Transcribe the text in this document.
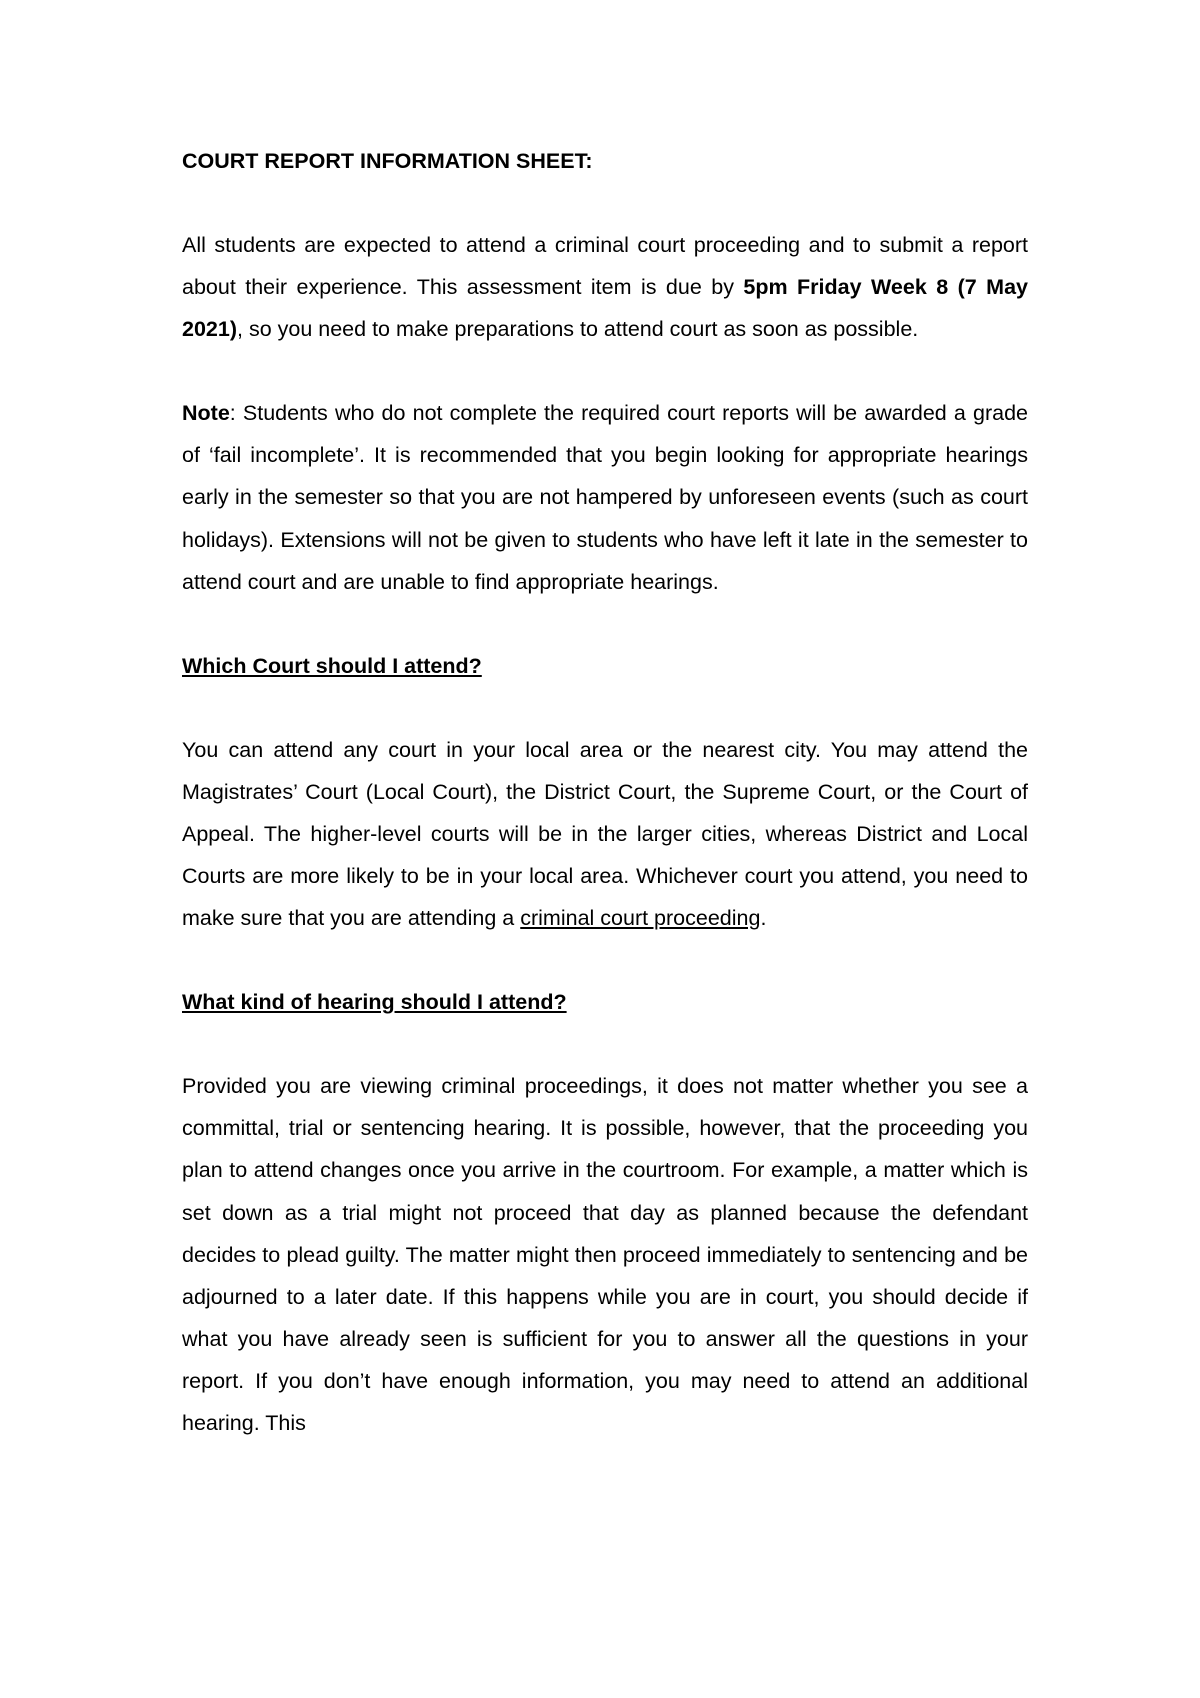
COURT REPORT INFORMATION SHEET:

All students are expected to attend a criminal court proceeding and to submit a report about their experience. This assessment item is due by 5pm Friday Week 8 (7 May 2021), so you need to make preparations to attend court as soon as possible.

Note: Students who do not complete the required court reports will be awarded a grade of ‘fail incomplete’. It is recommended that you begin looking for appropriate hearings early in the semester so that you are not hampered by unforeseen events (such as court holidays). Extensions will not be given to students who have left it late in the semester to attend court and are unable to find appropriate hearings.

Which Court should I attend?

You can attend any court in your local area or the nearest city. You may attend the Magistrates’ Court (Local Court), the District Court, the Supreme Court, or the Court of Appeal. The higher-level courts will be in the larger cities, whereas District and Local Courts are more likely to be in your local area. Whichever court you attend, you need to make sure that you are attending a criminal court proceeding.

What kind of hearing should I attend?

Provided you are viewing criminal proceedings, it does not matter whether you see a committal, trial or sentencing hearing. It is possible, however, that the proceeding you plan to attend changes once you arrive in the courtroom. For example, a matter which is set down as a trial might not proceed that day as planned because the defendant decides to plead guilty. The matter might then proceed immediately to sentencing and be adjourned to a later date. If this happens while you are in court, you should decide if what you have already seen is sufficient for you to answer all the questions in your report. If you don’t have enough information, you may need to attend an additional hearing. This
